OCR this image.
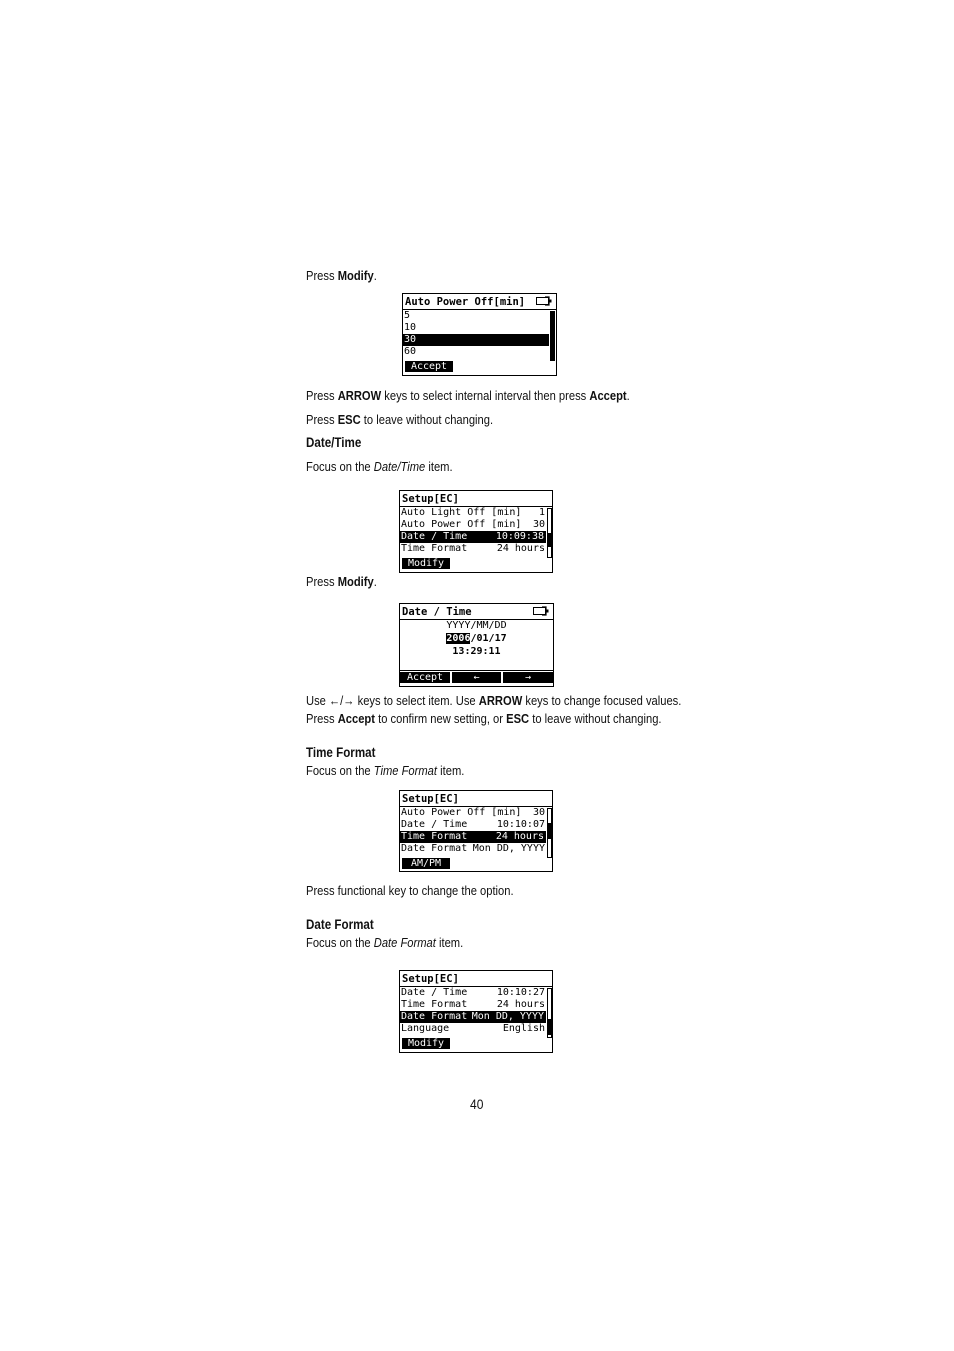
Press Modify.
Auto Power Off[min]
5
10
30
60
Accept
Press ARROW keys to select internal interval then press Accept.
Press ESC to leave without changing.
Date/Time
Focus on the Date/Time item.
Setup[EC]
Auto Light Off [min] 1
Auto Power Off [min] 30
Date / Time	10:09:38
Time Format	24 hours
Modify
Press Modify.
Date / Time
YYYY/MM/DD
2006/01/17
13:29:11
Accept	←	→
Use ←/→ keys to select item. Use ARROW keys to change focused values.
Press Accept to confirm new setting, or ESC to leave without changing.
Time Format
Focus on the Time Format item.
Setup[EC]
Auto Power Off [min] 30
Date / Time	10:10:07
Time Format	24 hours
Date Format Mon DD, YYYY
AM/PM
Press functional key to change the option.
Date Format
Focus on the Date Format item.
Setup[EC]
Date / Time	10:10:27
Time Format	24 hours
Date Format Mon DD, YYYY
Language	English
Modify
40
